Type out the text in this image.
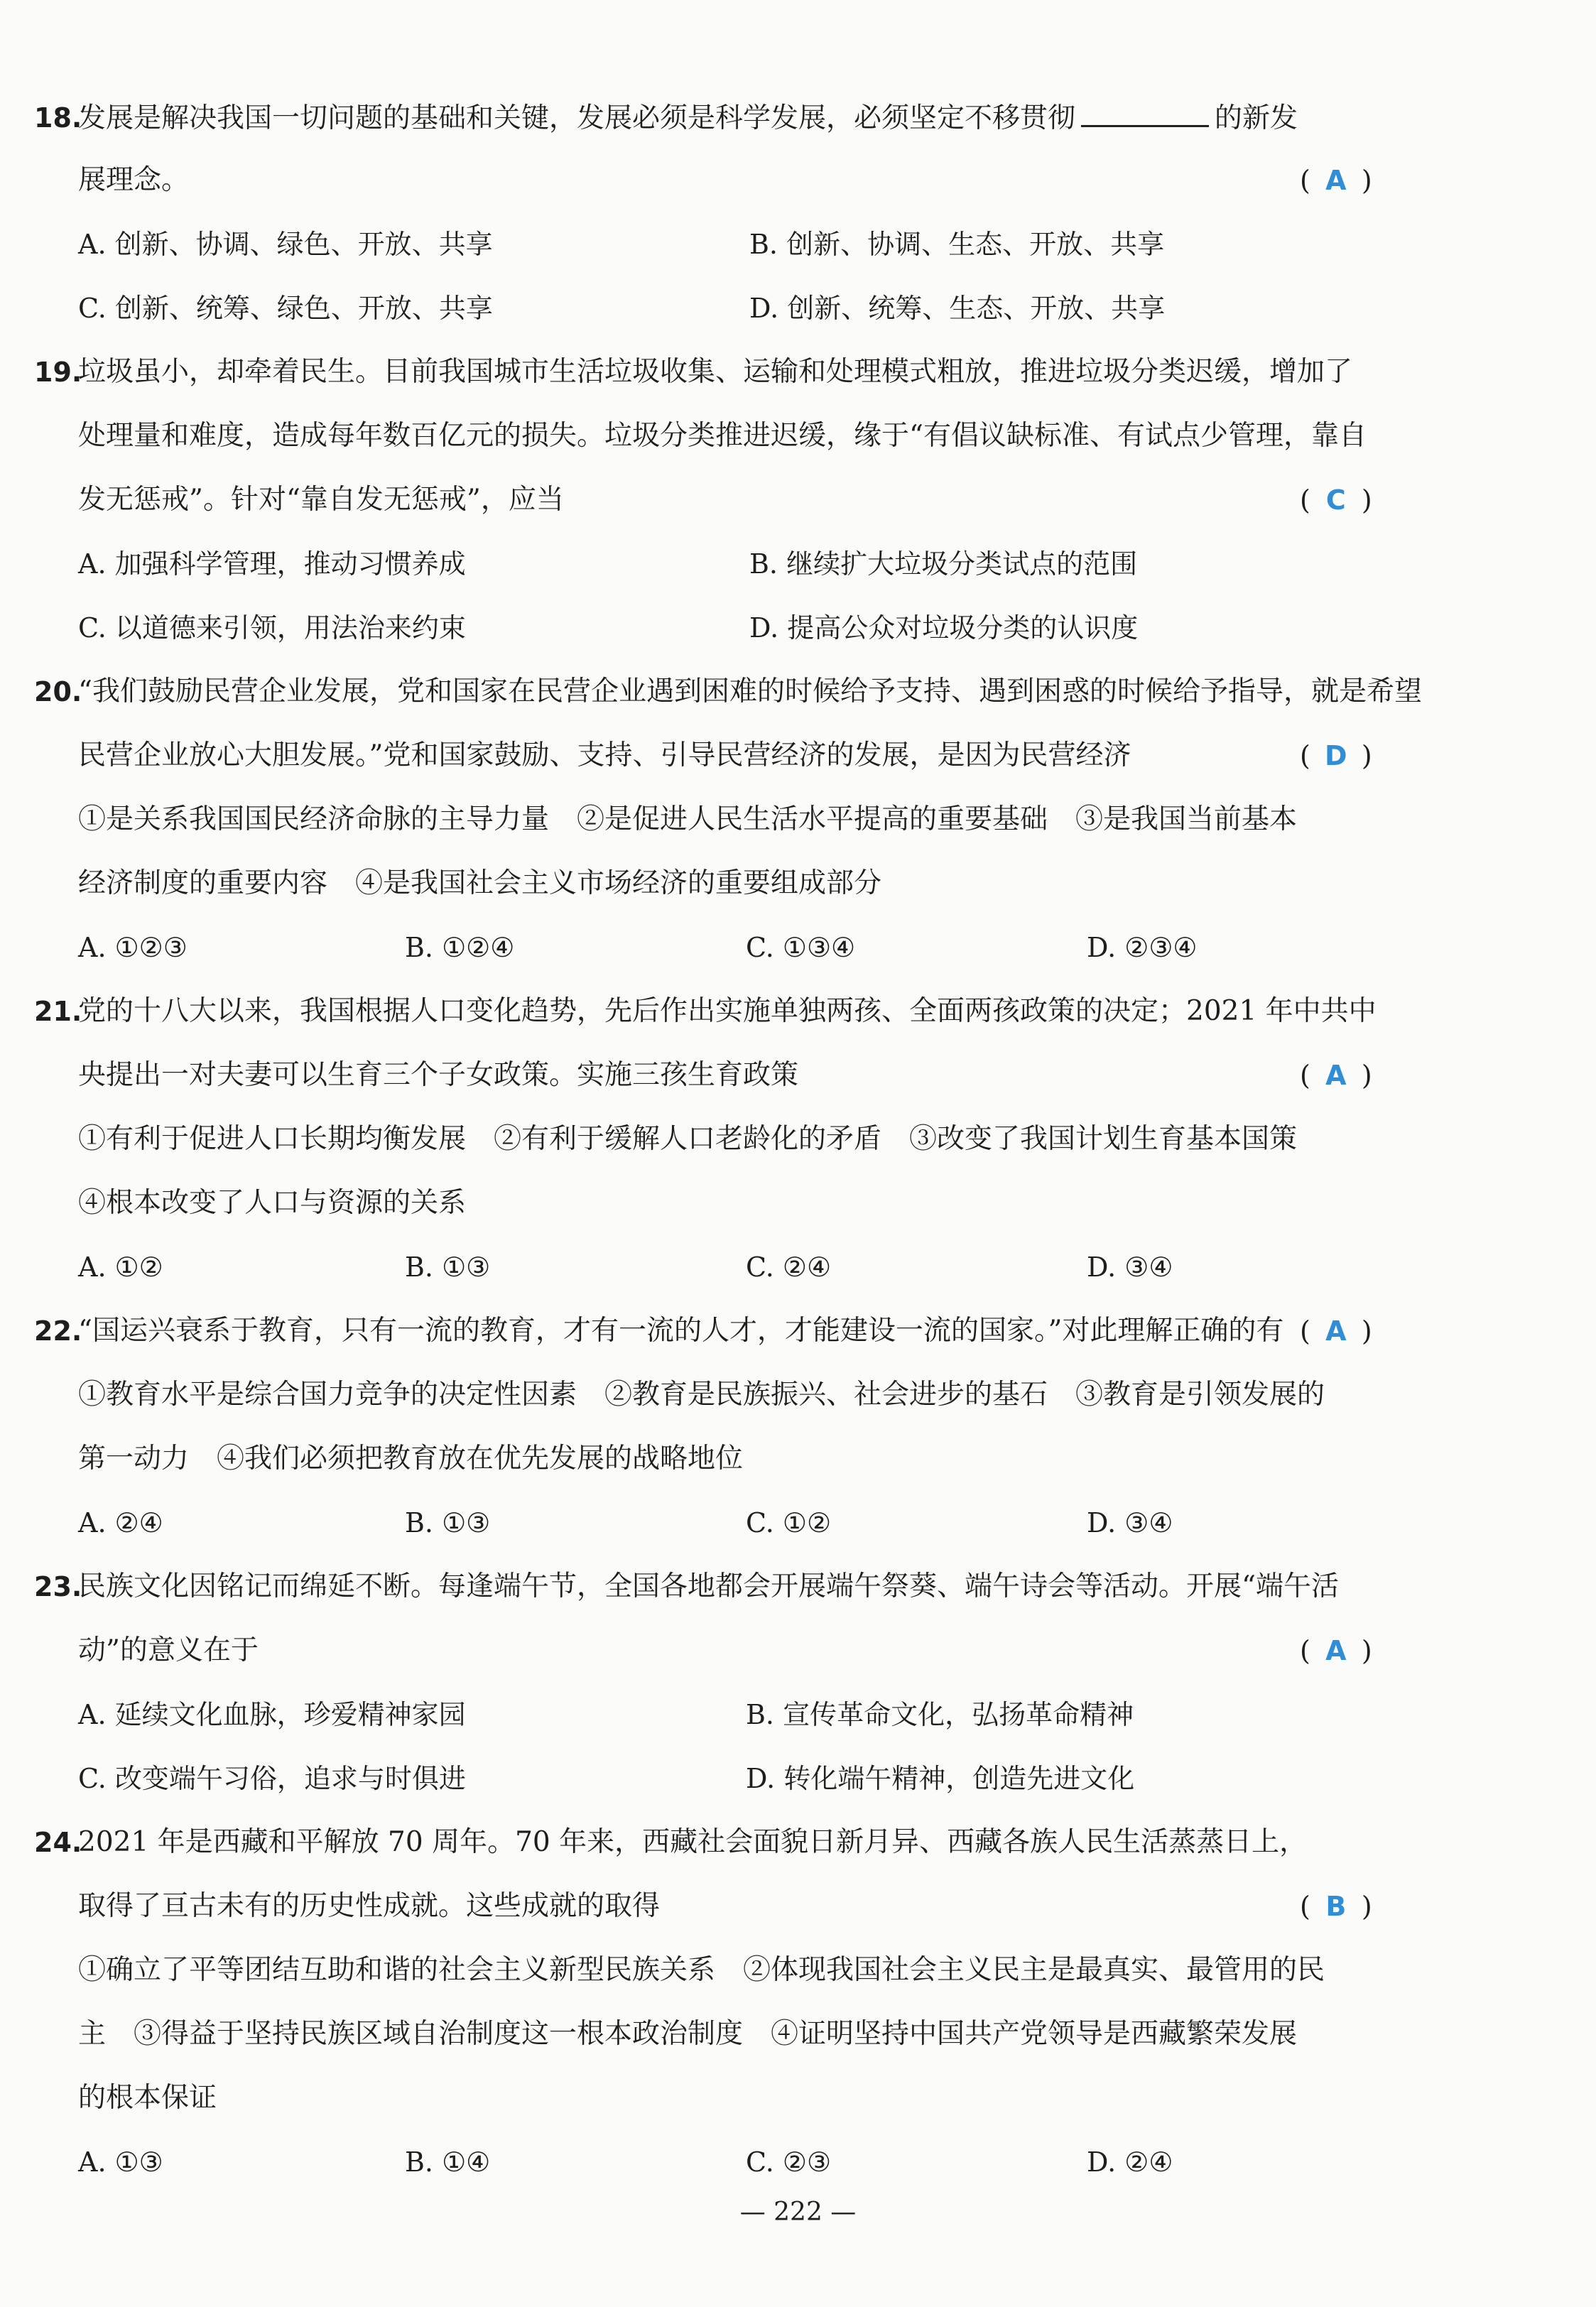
18.
发展是解决我国一切问题的基础和关键，发展必须是科学发展，必须坚定不移贯彻	的新发
展理念。	( A )
A. 创新、协调、绿色、开放、共享	B. 创新、协调、生态、开放、共享
C. 创新、统筹、绿色、开放、共享	D. 创新、统筹、生态、开放、共享
19.
垃圾虽小，却牵着民生。目前我国城市生活垃圾收集、运输和处理模式粗放，推进垃圾分类迟缓，增加了
处理量和难度，造成每年数百亿元的损失。垃圾分类推进迟缓，缘于“有倡议缺标准、有试点少管理，靠自
发无惩戒”。针对“靠自发无惩戒”，应当	( C )
A. 加强科学管理，推动习惯养成	B. 继续扩大垃圾分类试点的范围
C. 以道德来引领，用法治来约束	D. 提高公众对垃圾分类的认识度
20.
“我们鼓励民营企业发展，党和国家在民营企业遇到困难的时候给予支持、遇到困惑的时候给予指导，就是希望
民营企业放心大胆发展。”党和国家鼓励、支持、引导民营经济的发展，是因为民营经济	( D )
①是关系我国国民经济命脉的主导力量　②是促进人民生活水平提高的重要基础　③是我国当前基本
经济制度的重要内容　④是我国社会主义市场经济的重要组成部分
A. ①②③	B. ①②④	C. ①③④	D. ②③④
21.
党的十八大以来，我国根据人口变化趋势，先后作出实施单独两孩、全面两孩政策的决定；2021 年中共中
央提出一对夫妻可以生育三个子女政策。实施三孩生育政策	( A )
①有利于促进人口长期均衡发展　②有利于缓解人口老龄化的矛盾　③改变了我国计划生育基本国策
④根本改变了人口与资源的关系
A. ①②	B. ①③	C. ②④	D. ③④
22.
“国运兴衰系于教育，只有一流的教育，才有一流的人才，才能建设一流的国家。”对此理解正确的有 ( A )
①教育水平是综合国力竞争的决定性因素　②教育是民族振兴、社会进步的基石　③教育是引领发展的
第一动力　④我们必须把教育放在优先发展的战略地位
A. ②④	B. ①③	C. ①②	D. ③④
23.
民族文化因铭记而绵延不断。每逢端午节，全国各地都会开展端午祭葵、端午诗会等活动。开展“端午活
动”的意义在于	( A )
A. 延续文化血脉，珍爱精神家园	B. 宣传革命文化，弘扬革命精神
C. 改变端午习俗，追求与时俱进	D. 转化端午精神，创造先进文化
24.
2021 年是西藏和平解放 70 周年。70 年来，西藏社会面貌日新月异、西藏各族人民生活蒸蒸日上，
取得了亘古未有的历史性成就。这些成就的取得	( B )
①确立了平等团结互助和谐的社会主义新型民族关系　②体现我国社会主义民主是最真实、最管用的民
主　③得益于坚持民族区域自治制度这一根本政治制度　④证明坚持中国共产党领导是西藏繁荣发展
的根本保证
A. ①③	B. ①④	C. ②③	D. ②④
— 222 —
